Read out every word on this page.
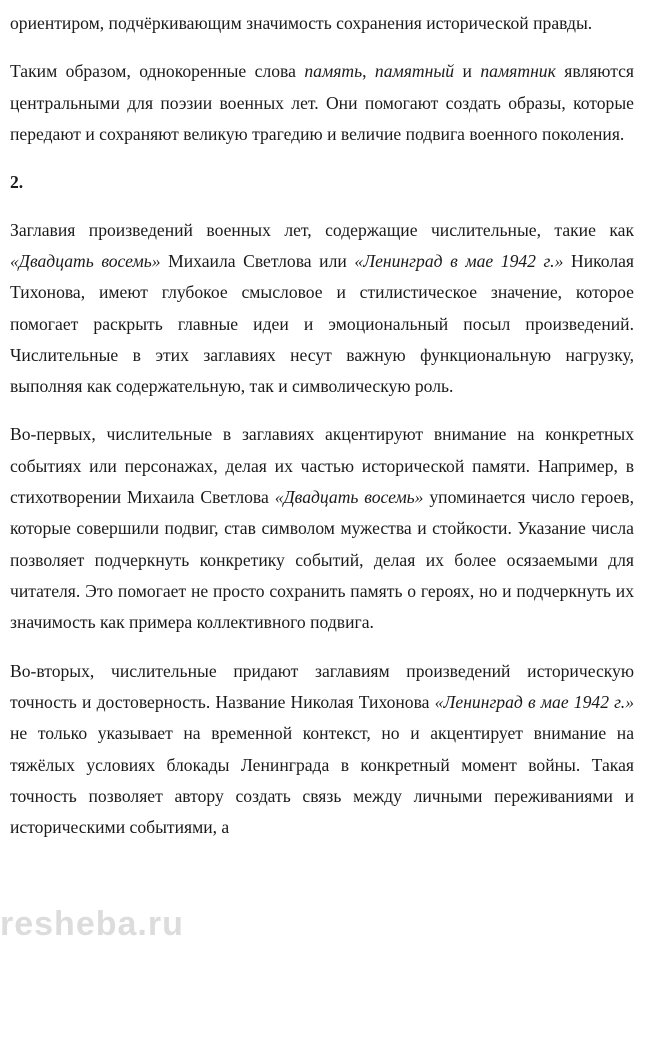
resheba.ru

ориентиром, подчёркивающим значимость сохранения исторической правды.

Таким образом, однокоренные слова память, памятный и памятник являются центральными для поэзии военных лет. Они помогают создать образы, которые передают и сохраняют великую трагедию и величие подвига военного поколения.

2.

Заглавия произведений военных лет, содержащие числительные, такие как «Двадцать восемь» Михаила Светлова или «Ленинград в мае 1942 г.» Николая Тихонова, имеют глубокое смысловое и стилистическое значение, которое помогает раскрыть главные идеи и эмоциональный посыл произведений. Числительные в этих заглавиях несут важную функциональную нагрузку, выполняя как содержательную, так и символическую роль.

Во-первых, числительные в заглавиях акцентируют внимание на конкретных событиях или персонажах, делая их частью исторической памяти. Например, в стихотворении Михаила Светлова «Двадцать восемь» упоминается число героев, которые совершили подвиг, став символом мужества и стойкости. Указание числа позволяет подчеркнуть конкретику событий, делая их более осязаемыми для читателя. Это помогает не просто сохранить память о героях, но и подчеркнуть их значимость как примера коллективного подвига.

Во-вторых, числительные придают заглавиям произведений историческую точность и достоверность. Название Николая Тихонова «Ленинград в мае 1942 г.» не только указывает на временной контекст, но и акцентирует внимание на тяжёлых условиях блокады Ленинграда в конкретный момент войны. Такая точность позволяет автору создать связь между личными переживаниями и историческими событиями, а
